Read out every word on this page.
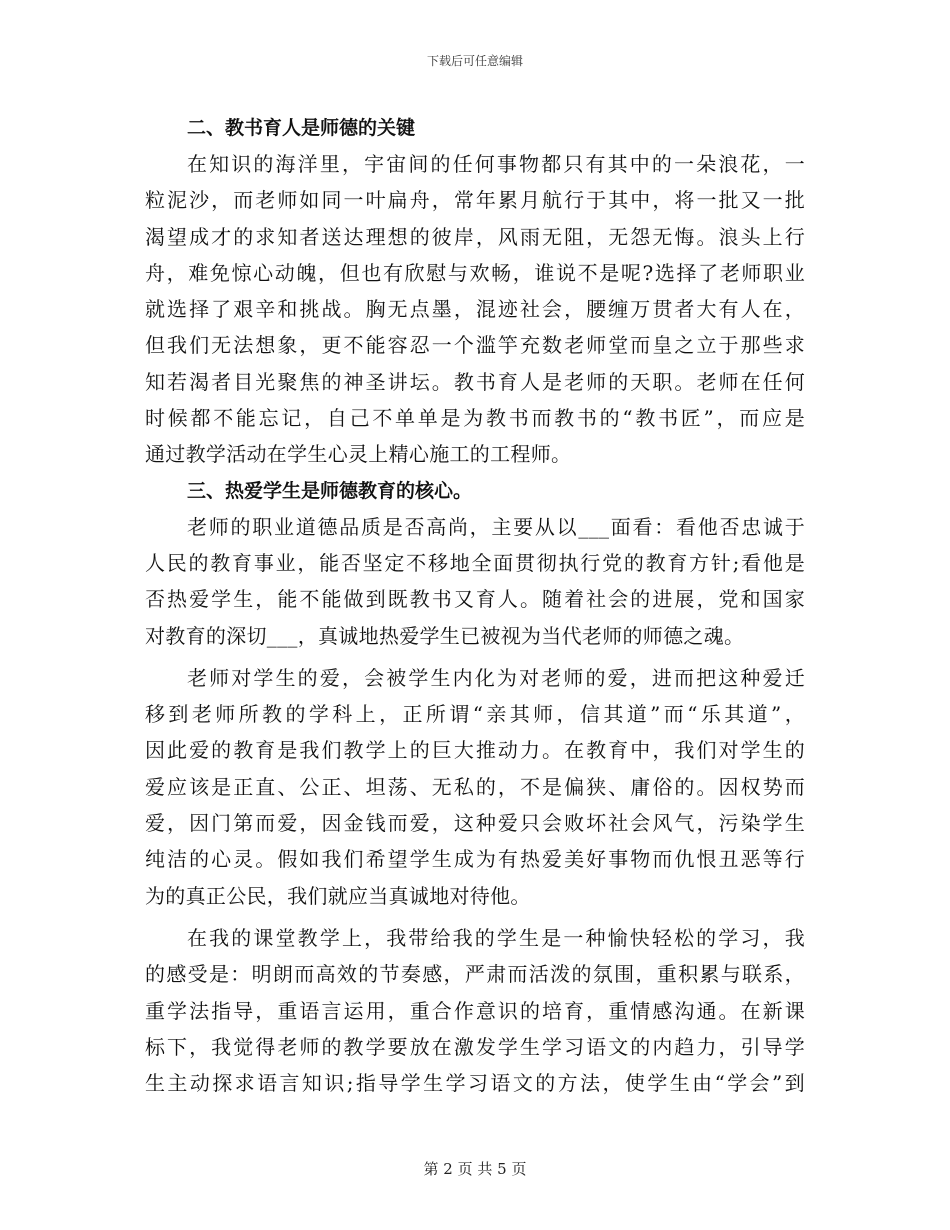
下载后可任意编辑
二、教书育人是师德的关键
在知识的海洋里，宇宙间的任何事物都只有其中的一朵浪花，一
粒泥沙，而老师如同一叶扁舟，常年累月航行于其中，将一批又一批
渴望成才的求知者送达理想的彼岸，风雨无阻，无怨无悔。浪头上行
舟，难免惊心动魄，但也有欣慰与欢畅，谁说不是呢?选择了老师职业
就选择了艰辛和挑战。胸无点墨，混迹社会，腰缠万贯者大有人在，
但我们无法想象，更不能容忍一个滥竽充数老师堂而皇之立于那些求
知若渴者目光聚焦的神圣讲坛。教书育人是老师的天职。老师在任何
时候都不能忘记，自己不单单是为教书而教书的“教书匠”，而应是
通过教学活动在学生心灵上精心施工的工程师。
三、热爱学生是师德教育的核心。
老师的职业道德品质是否高尚，主要从以___面看：看他否忠诚于
人民的教育事业，能否坚定不移地全面贯彻执行党的教育方针;看他是
否热爱学生，能不能做到既教书又育人。随着社会的进展，党和国家
对教育的深切___，真诚地热爱学生已被视为当代老师的师德之魂。
老师对学生的爱，会被学生内化为对老师的爱，进而把这种爱迁
移到老师所教的学科上，正所谓“亲其师，信其道”而“乐其道”，
因此爱的教育是我们教学上的巨大推动力。在教育中，我们对学生的
爱应该是正直、公正、坦荡、无私的，不是偏狭、庸俗的。因权势而
爱，因门第而爱，因金钱而爱，这种爱只会败坏社会风气，污染学生
纯洁的心灵。假如我们希望学生成为有热爱美好事物而仇恨丑恶等行
为的真正公民，我们就应当真诚地对待他。
在我的课堂教学上，我带给我的学生是一种愉快轻松的学习，我
的感受是：明朗而高效的节奏感，严肃而活泼的氛围，重积累与联系，
重学法指导，重语言运用，重合作意识的培育，重情感沟通。在新课
标下，我觉得老师的教学要放在激发学生学习语文的内趋力，引导学
生主动探求语言知识;指导学生学习语文的方法，使学生由“学会”到
第 2 页 共 5 页
